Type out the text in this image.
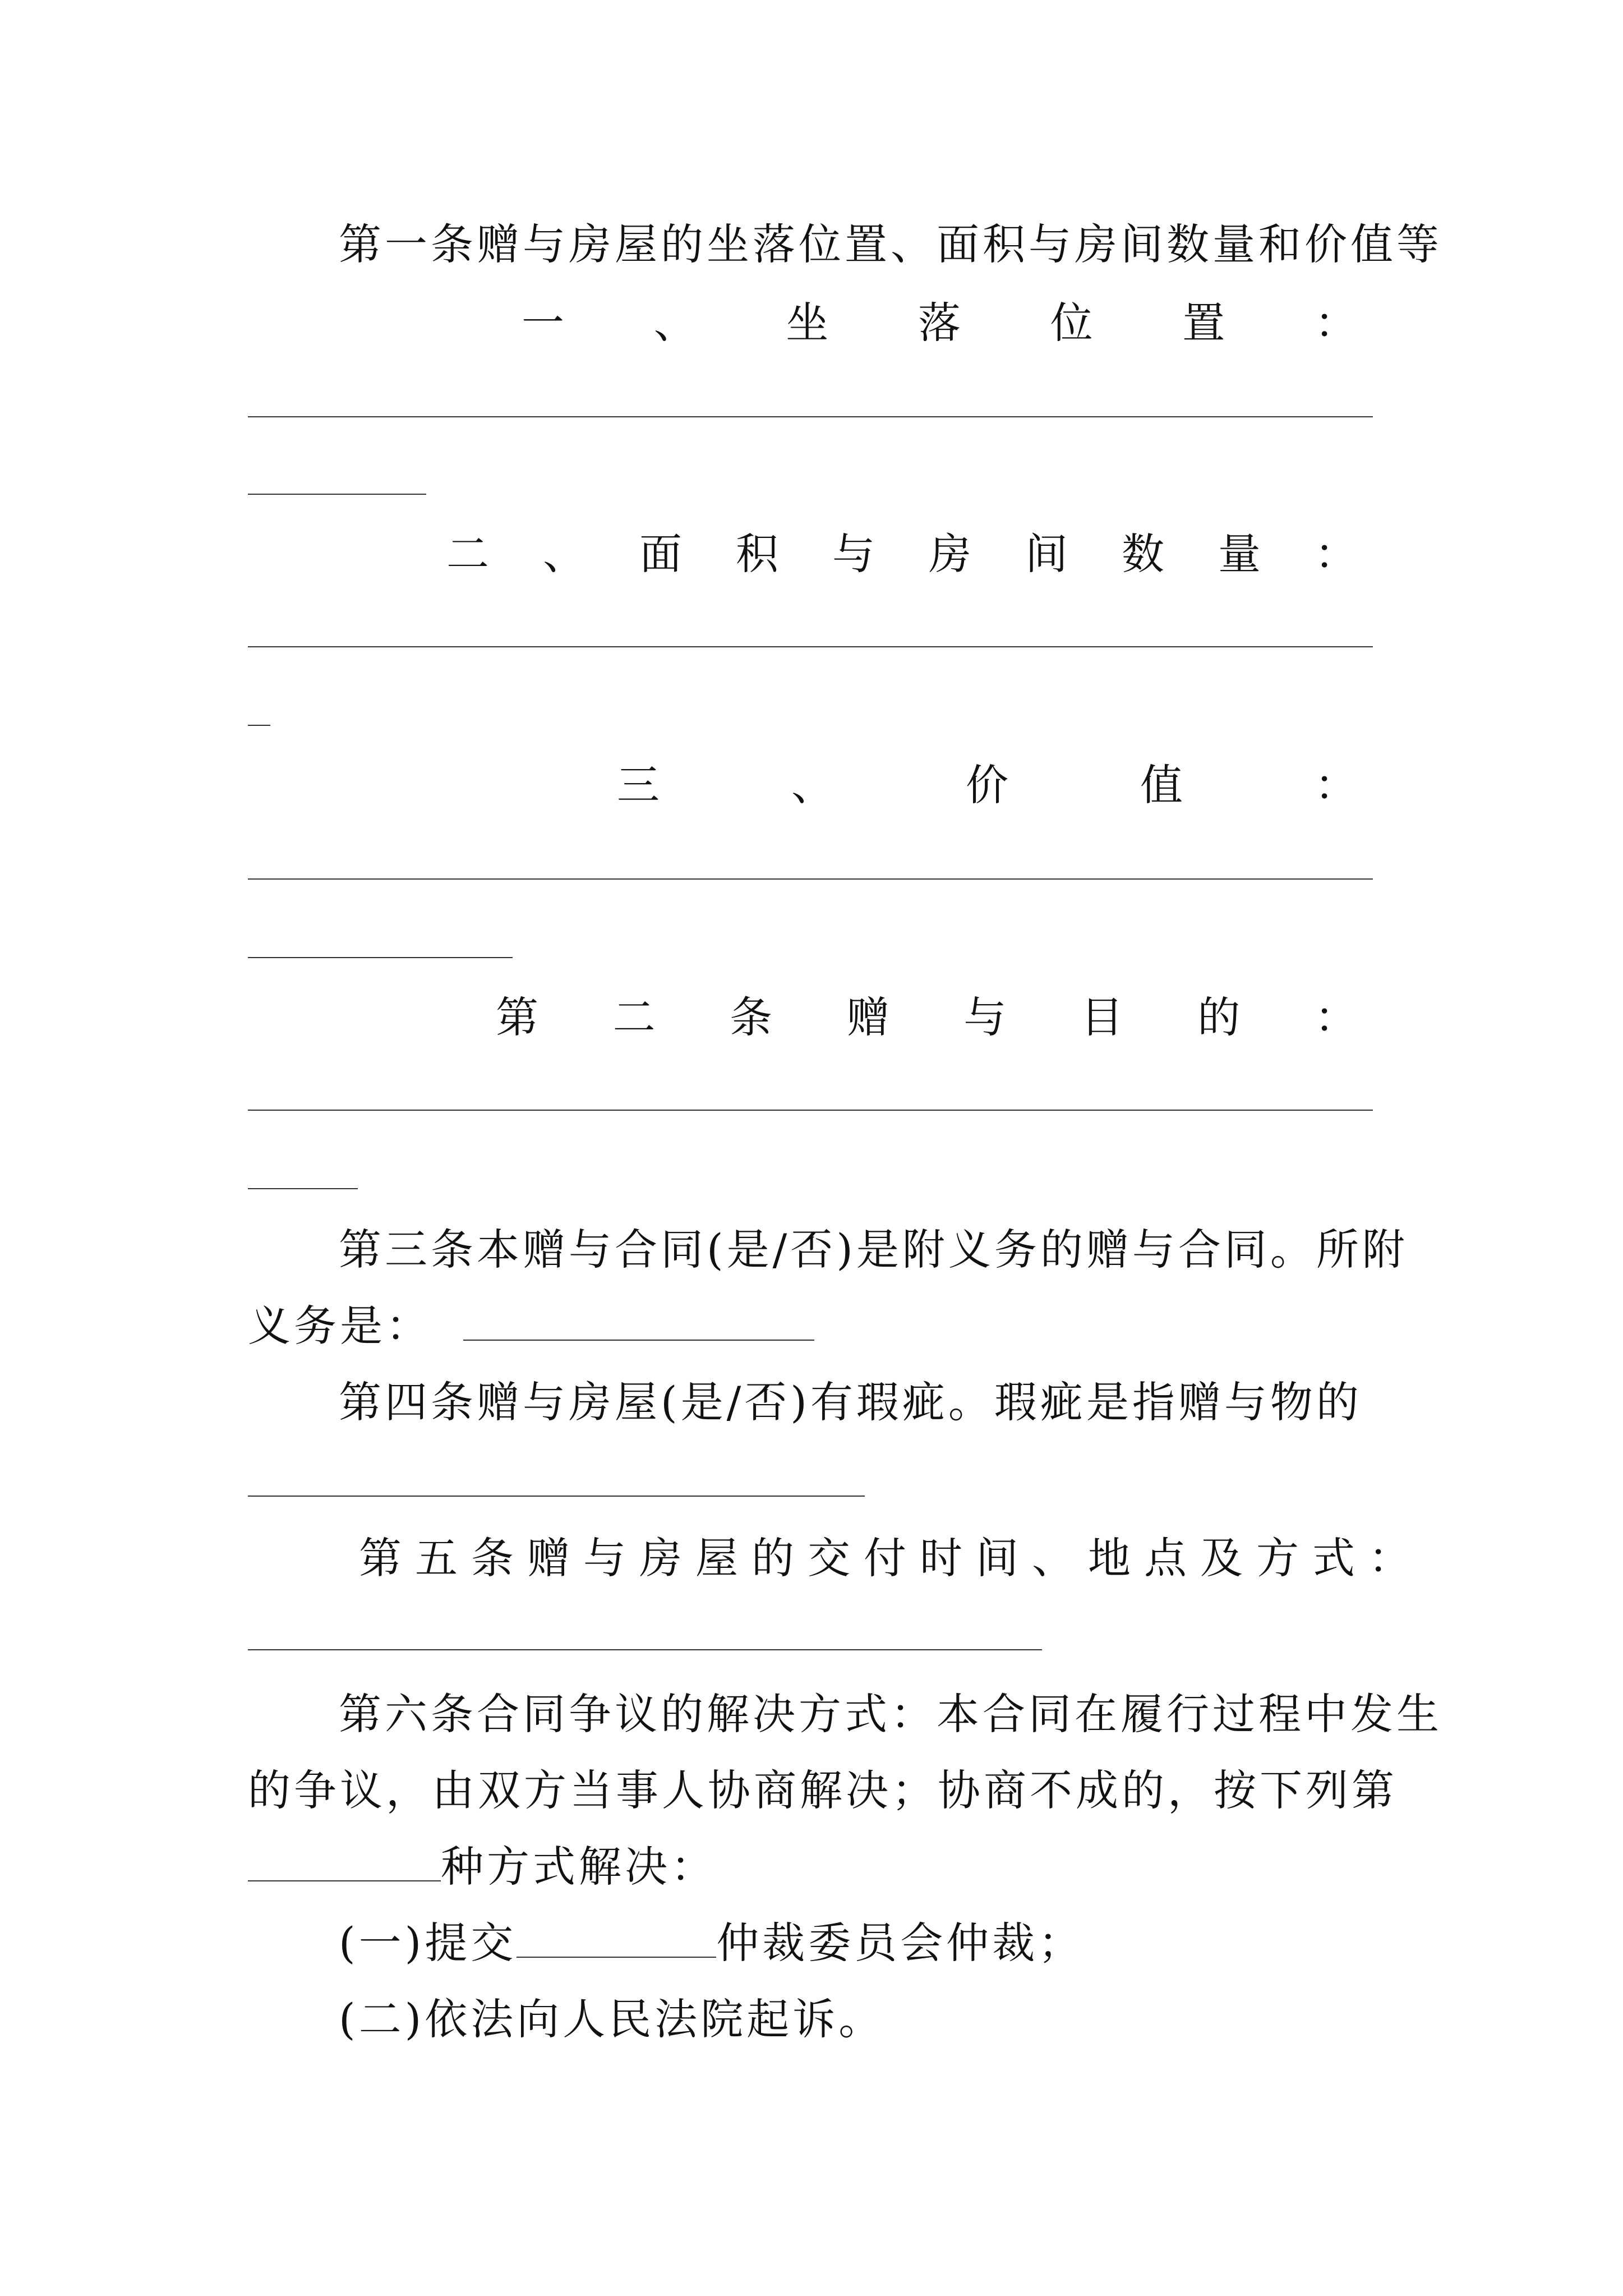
第一条赠与房屋的坐落位置、面积与房间数量和价值等
一 、 坐 落 位 置 ：
二 、 面 积 与 房 间 数 量 ：
三	、	价	值	：
第 二 条 赠 与 目 的 ：
第三条本赠与合同(是/否)是附义务的赠与合同。所附
义务是：
第四条赠与房屋(是/否)有瑕疵。瑕疵是指赠与物的
第五条赠与房屋的交付时间、地点及方式：
第六条合同争议的解决方式：本合同在履行过程中发生
的争议，由双方当事人协商解决；协商不成的，按下列第
种方式解决：
(一)提交	仲裁委员会仲裁；
(二)依法向人民法院起诉。
